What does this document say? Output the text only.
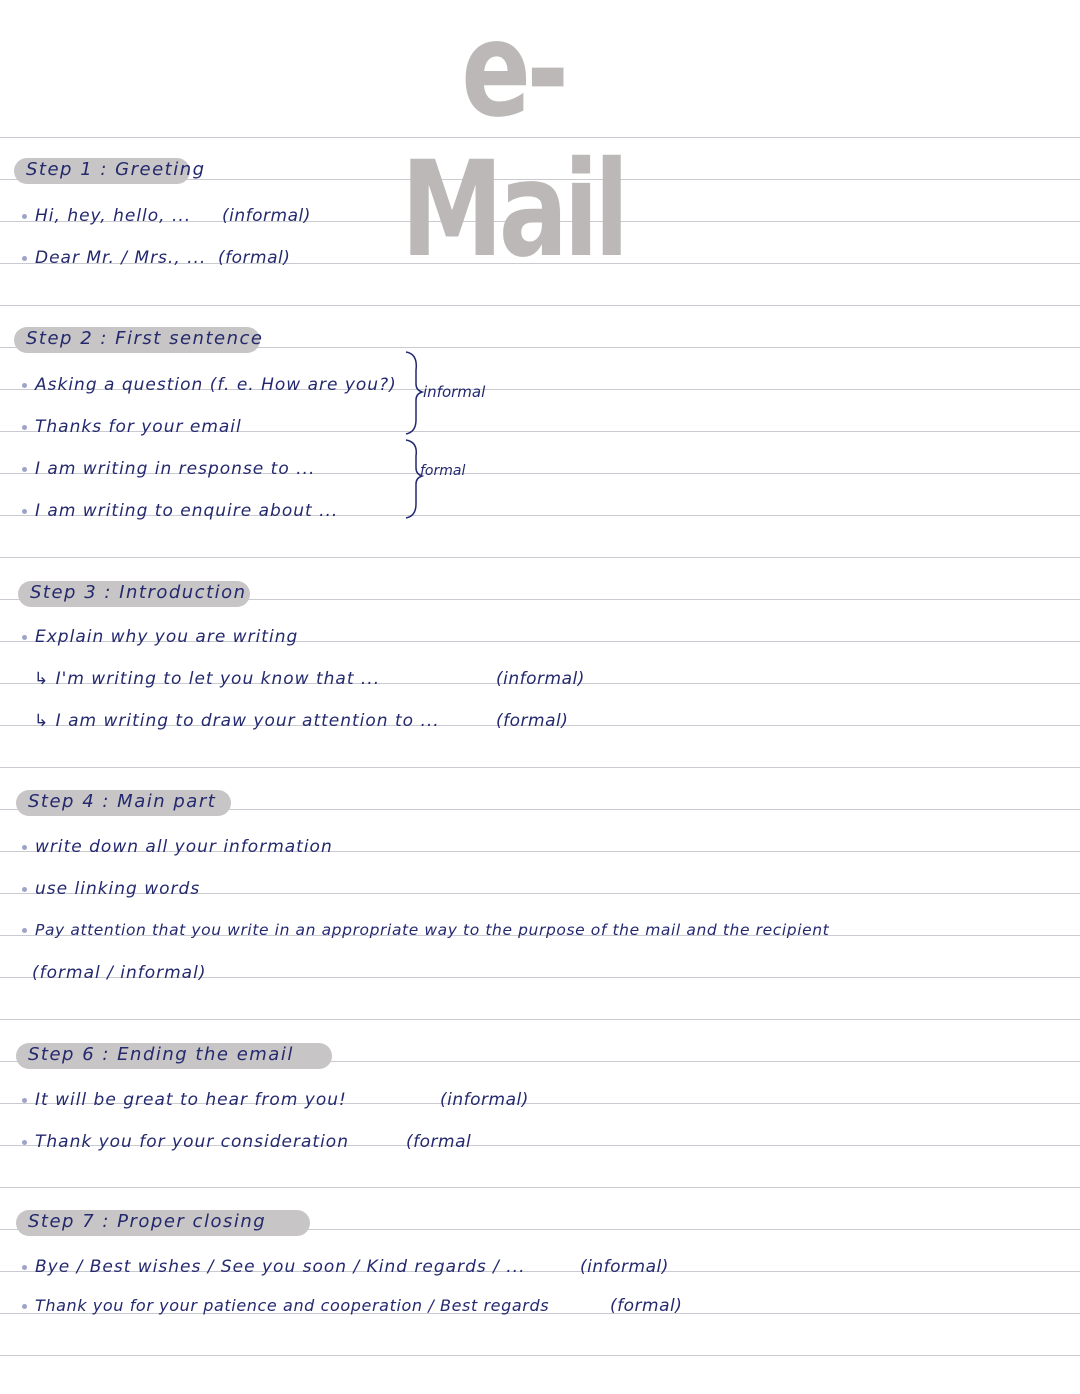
e-Mail
Step 1 : Greeting
Hi, hey, hello, ... (informal)
Dear Mr. / Mrs., ... (formal)
Step 2 : First sentence
Asking a question (f. e. How are you?)
Thanks for your email
I am writing in response to ...
I am writing to enquire about ...
informal
formal
Step 3 : Introduction
Explain why you are writing
↳ I'm writing to let you know that ...	(informal)
↳ I am writing to draw your attention to ...	(formal)
Step 4 : Main part
write down all your information
use linking words
Pay attention that you write in an appropriate way to the purpose of the mail and the recipient
(formal / informal)
Step 6 : Ending the email
It will be great to hear from you!	(informal)
Thank you for your consideration	(formal
Step 7 : Proper closing
Bye / Best wishes / See you soon / Kind regards / ...	(informal)
Thank you for your patience and cooperation / Best regards	(formal)
